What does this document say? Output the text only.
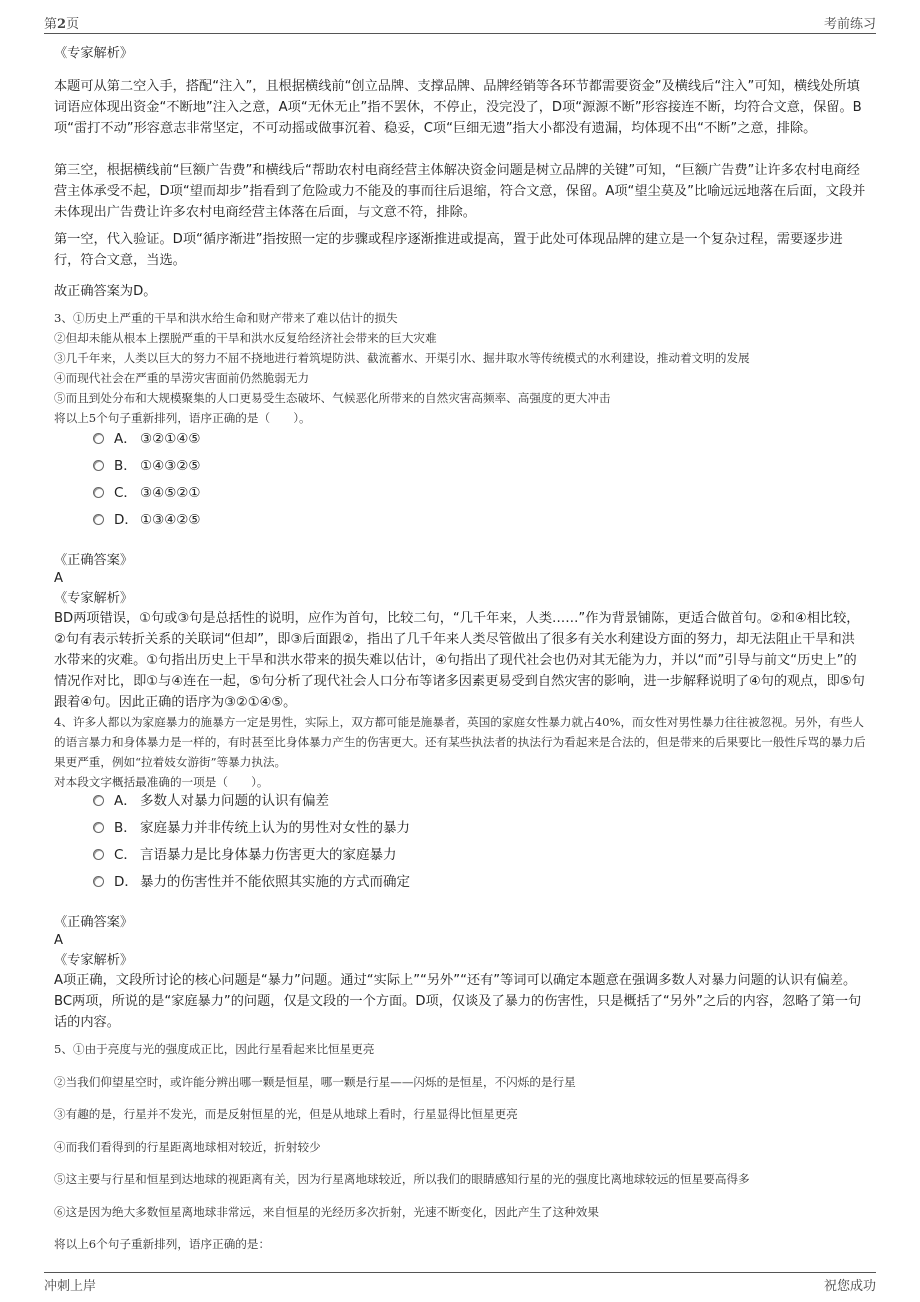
第2页	考前练习
《专家解析》
本题可从第二空入手，搭配“注入”，且根据横线前“创立品牌、支撑品牌、品牌经销等各环节都需要资金”及横线后“注入”可知，横线处所填词语应体现出资金“不断地”注入之意，A项“无休无止”指不罢休，不停止，没完没了，D项“源源不断”形容接连不断，均符合文意，保留。B项“雷打不动”形容意志非常坚定，不可动摇或做事沉着、稳妥，C项“巨细无遗”指大小都没有遗漏，均体现不出“不断”之意，排除。
第三空，根据横线前“巨额广告费”和横线后“帮助农村电商经营主体解决资金问题是树立品牌的关键”可知，“巨额广告费”让许多农村电商经营主体承受不起，D项“望而却步”指看到了危险或力不能及的事而往后退缩，符合文意，保留。A项“望尘莫及”比喻远远地落在后面，文段并未体现出广告费让许多农村电商经营主体落在后面，与文意不符，排除。
第一空，代入验证。D项“循序渐进”指按照一定的步骤或程序逐渐推进或提高，置于此处可体现品牌的建立是一个复杂过程，需要逐步进行，符合文意，当选。
故正确答案为D。
3、①历史上严重的干旱和洪水给生命和财产带来了难以估计的损失
②但却未能从根本上摆脱严重的干旱和洪水反复给经济社会带来的巨大灾难
③几千年来，人类以巨大的努力不屈不挠地进行着筑堤防洪、截流蓄水、开渠引水、掘井取水等传统模式的水利建设，推动着文明的发展
④而现代社会在严重的旱涝灾害面前仍然脆弱无力
⑤而且到处分布和大规模聚集的人口更易受生态破坏、气候恶化所带来的自然灾害高频率、高强度的更大冲击
将以上5个句子重新排列，语序正确的是（　　）。
A． ③②①④⑤
B． ①④③②⑤
C． ③④⑤②①
D． ①③④②⑤
《正确答案》
A
《专家解析》
BD两项错误，①句或③句是总括性的说明，应作为首句，比较二句，“几千年来，人类……”作为背景铺陈，更适合做首句。②和④相比较，②句有表示转折关系的关联词“但却”，即③后面跟②，指出了几千年来人类尽管做出了很多有关水利建设方面的努力，却无法阻止干旱和洪水带来的灾难。①句指出历史上干旱和洪水带来的损失难以估计，④句指出了现代社会也仍对其无能为力，并以“而”引导与前文“历史上”的情况作对比，即①与④连在一起，⑤句分析了现代社会人口分布等诸多因素更易受到自然灾害的影响，进一步解释说明了④句的观点，即⑤句跟着④句。因此正确的语序为③②①④⑤。
4、许多人都以为家庭暴力的施暴方一定是男性，实际上，双方都可能是施暴者，英国的家庭女性暴力就占40%，而女性对男性暴力往往被忽视。另外，有些人的语言暴力和身体暴力是一样的，有时甚至比身体暴力产生的伤害更大。还有某些执法者的执法行为看起来是合法的，但是带来的后果要比一般性斥骂的暴力后果更严重，例如“拉着妓女游街”等暴力执法。
对本段文字概括最准确的一项是（　　）。
A． 多数人对暴力问题的认识有偏差
B． 家庭暴力并非传统上认为的男性对女性的暴力
C． 言语暴力是比身体暴力伤害更大的家庭暴力
D． 暴力的伤害性并不能依照其实施的方式而确定
《正确答案》
A
《专家解析》
A项正确，文段所讨论的核心问题是“暴力”问题。通过“实际上”“另外”“还有”等词可以确定本题意在强调多数人对暴力问题的认识有偏差。BC两项，所说的是“家庭暴力”的问题，仅是文段的一个方面。D项，仅谈及了暴力的伤害性，只是概括了“另外”之后的内容，忽略了第一句话的内容。
5、①由于亮度与光的强度成正比，因此行星看起来比恒星更亮
②当我们仰望星空时，或许能分辨出哪一颗是恒星，哪一颗是行星——闪烁的是恒星，不闪烁的是行星
③有趣的是，行星并不发光，而是反射恒星的光，但是从地球上看时，行星显得比恒星更亮
④而我们看得到的行星距离地球相对较近，折射较少
⑤这主要与行星和恒星到达地球的视距离有关，因为行星离地球较近，所以我们的眼睛感知行星的光的强度比离地球较远的恒星要高得多
⑥这是因为绝大多数恒星离地球非常远，来自恒星的光经历多次折射，光速不断变化，因此产生了这种效果
将以上6个句子重新排列，语序正确的是：
冲刺上岸	祝您成功
